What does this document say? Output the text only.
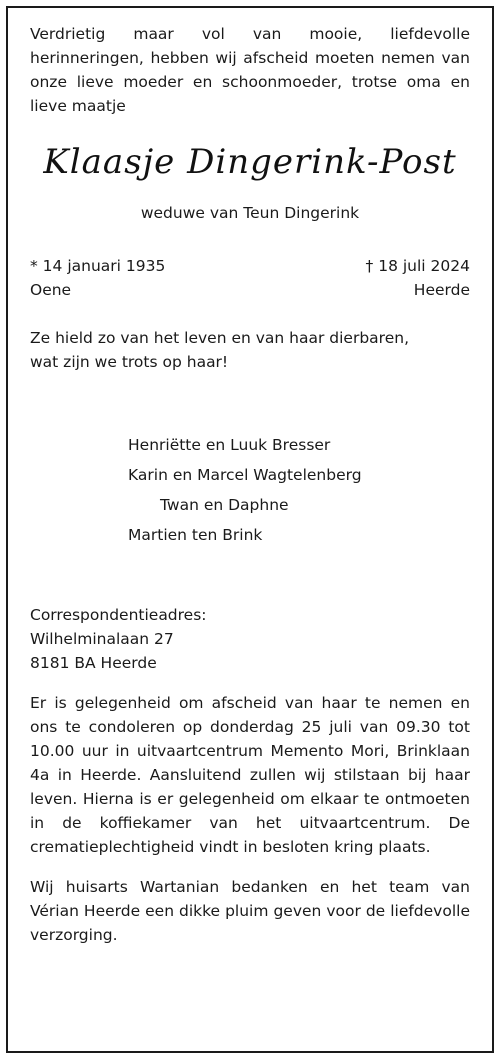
Verdrietig maar vol van mooie, liefdevolle herinneringen, hebben wij afscheid moeten nemen van onze lieve moeder en schoonmoeder, trotse oma en lieve maatje

Klaasje Dingerink-Post
weduwe van Teun Dingerink
* 14 januari 1935
Oene
† 18 juli 2024
Heerde
Ze hield zo van het leven en van haar dierbaren,
wat zijn we trots op haar!
Henriëtte en Luuk Bresser
Karin en Marcel Wagtelenberg
Twan en Daphne
Martien ten Brink
Correspondentieadres:
Wilhelminalaan 27
8181 BA Heerde

Er is gelegenheid om afscheid van haar te nemen en ons te condoleren op donderdag 25 juli van 09.30 tot 10.00 uur in uitvaartcentrum Memento Mori, Brinklaan 4a in Heerde. Aansluitend zullen wij stilstaan bij haar leven. Hierna is er gelegenheid om elkaar te ontmoeten in de koffiekamer van het uitvaartcentrum. De crematieplechtigheid vindt in besloten kring plaats.

Wij huisarts Wartanian bedanken en het team van Vérian Heerde een dikke pluim geven voor de liefdevolle verzorging.
